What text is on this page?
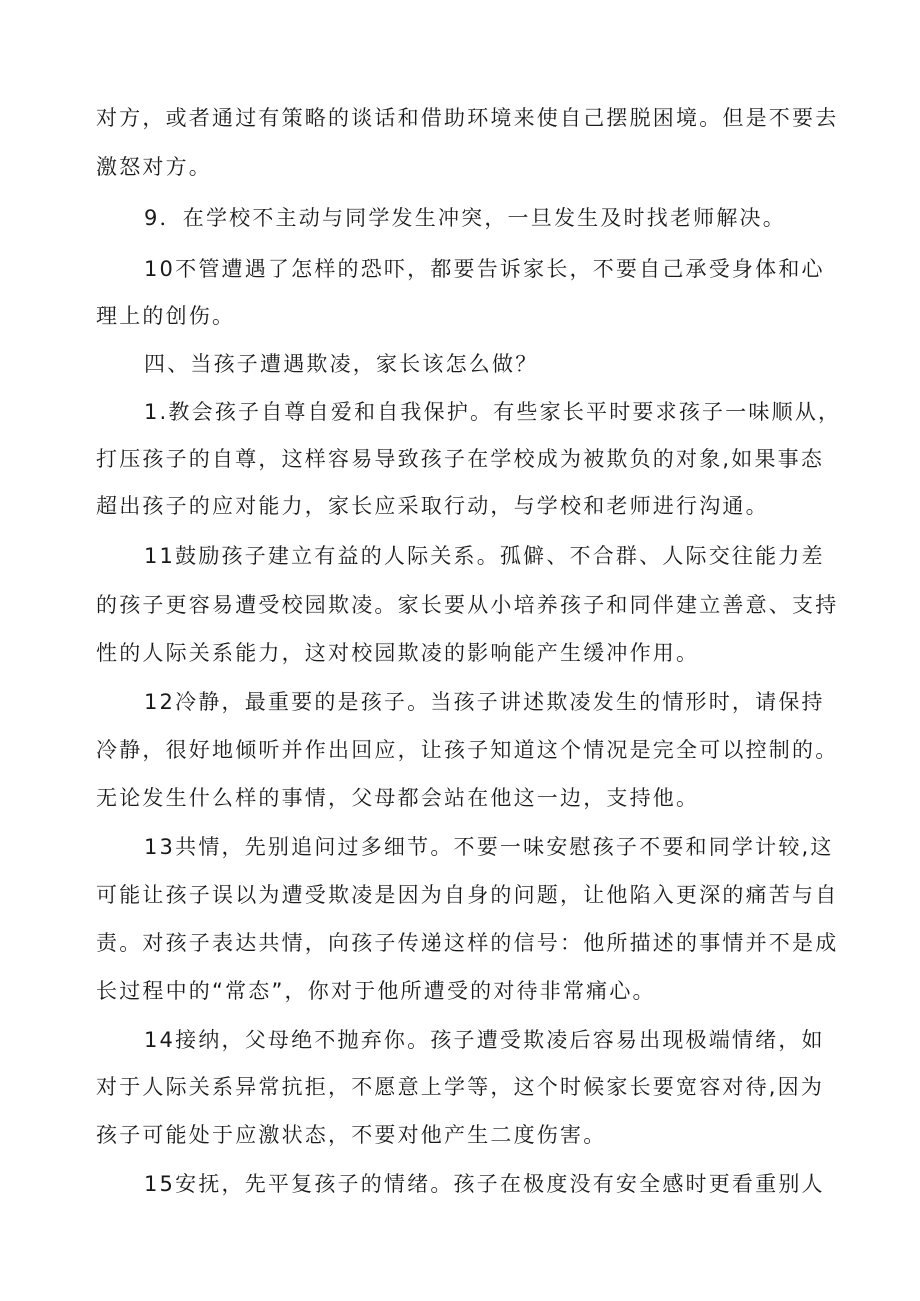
对方，或者通过有策略的谈话和借助环境来使自己摆脱困境。但是不要去
激怒对方。
9．在学校不主动与同学发生冲突，一旦发生及时找老师解决。
10不管遭遇了怎样的恐吓，都要告诉家长，不要自己承受身体和心
理上的创伤。
四、当孩子遭遇欺凌，家长该怎么做？
1.教会孩子自尊自爱和自我保护。有些家长平时要求孩子一味顺从，
打压孩子的自尊，这样容易导致孩子在学校成为被欺负的对象,如果事态
超出孩子的应对能力，家长应采取行动，与学校和老师进行沟通。
11鼓励孩子建立有益的人际关系。孤僻、不合群、人际交往能力差
的孩子更容易遭受校园欺凌。家长要从小培养孩子和同伴建立善意、支持
性的人际关系能力，这对校园欺凌的影响能产生缓冲作用。
12冷静，最重要的是孩子。当孩子讲述欺凌发生的情形时，请保持
冷静，很好地倾听并作出回应，让孩子知道这个情况是完全可以控制的。
无论发生什么样的事情，父母都会站在他这一边，支持他。
13共情，先别追问过多细节。不要一味安慰孩子不要和同学计较,这
可能让孩子误以为遭受欺凌是因为自身的问题，让他陷入更深的痛苦与自
责。对孩子表达共情，向孩子传递这样的信号：他所描述的事情并不是成
长过程中的“常态”，你对于他所遭受的对待非常痛心。
14接纳，父母绝不抛弃你。孩子遭受欺凌后容易出现极端情绪，如
对于人际关系异常抗拒，不愿意上学等，这个时候家长要宽容对待,因为
孩子可能处于应激状态，不要对他产生二度伤害。
15安抚，先平复孩子的情绪。孩子在极度没有安全感时更看重别人
